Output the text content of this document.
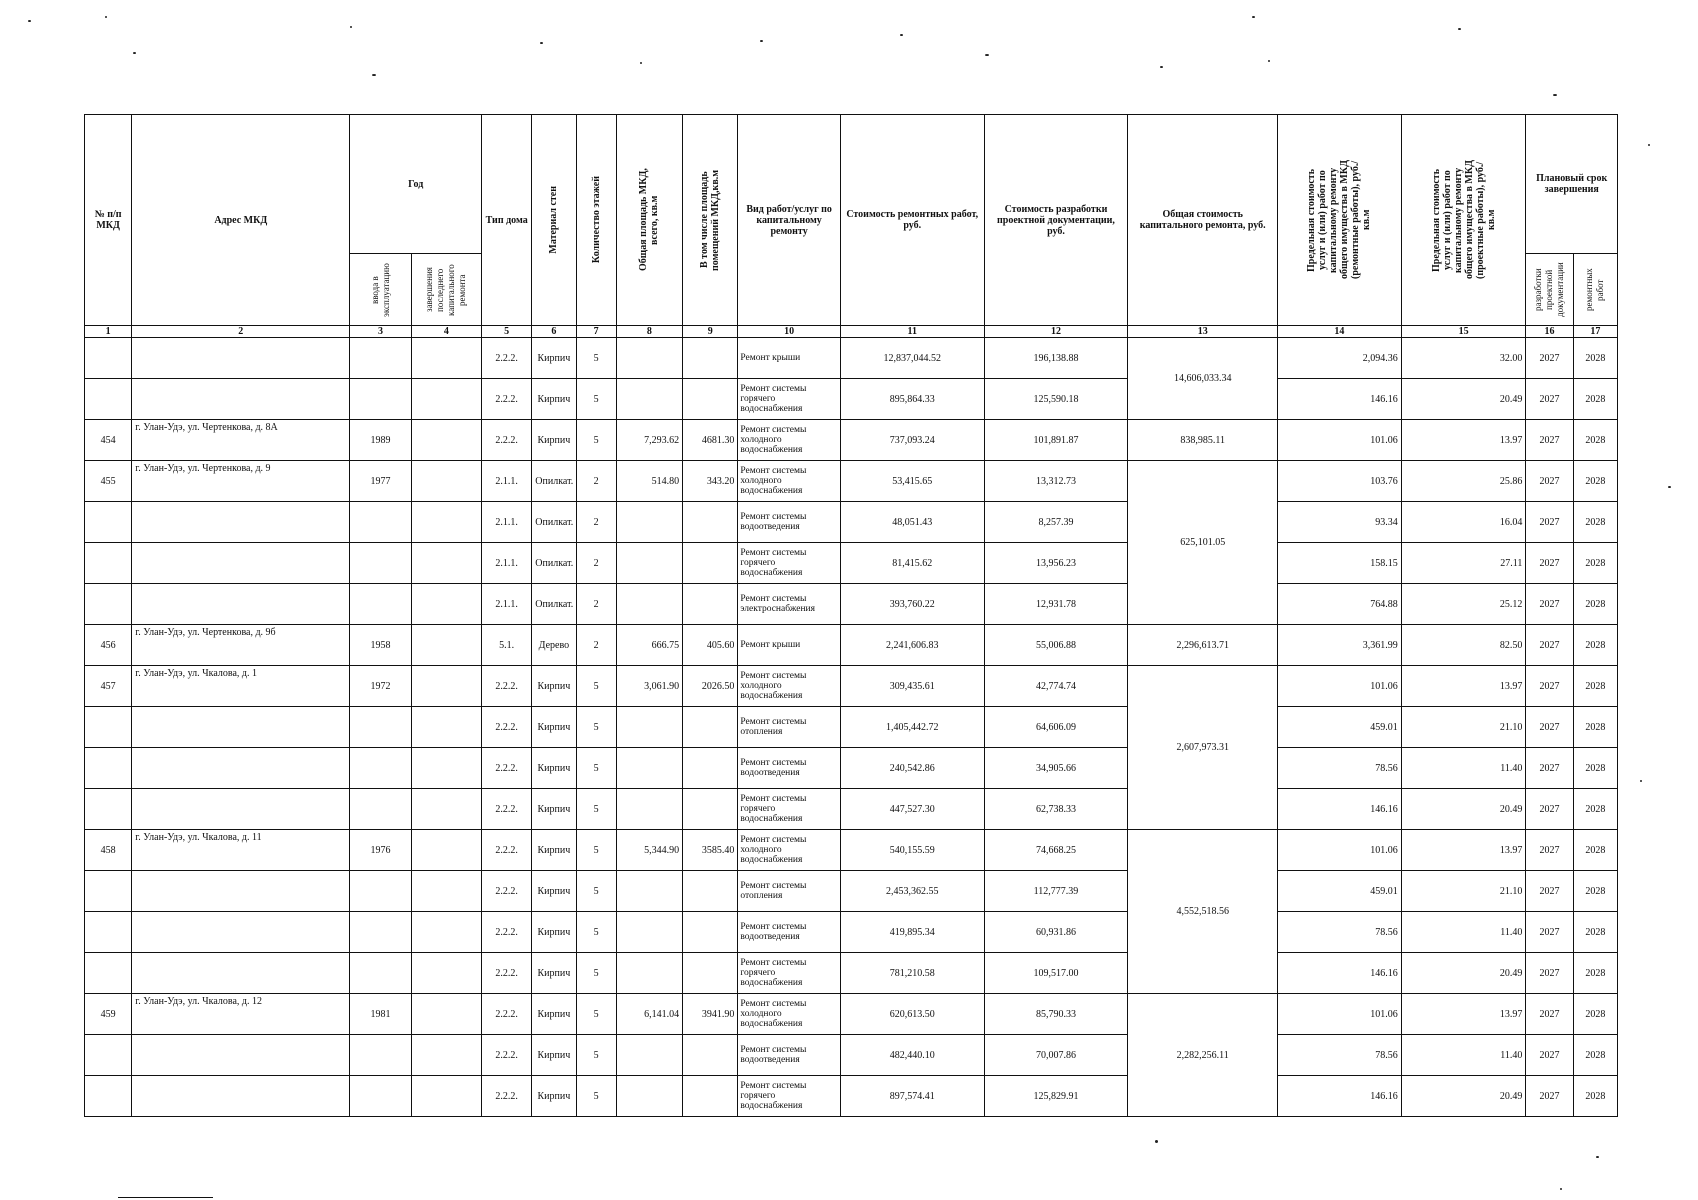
№ п/п МКД	Адрес МКД	Год		Тип дома	Материал стен	Количество этажей	Общая площадь МКД, всего, кв.м	В том числе площадь помещений МКД,кв.м	Вид работ/услуг по капитальному ремонту	Стоимость ремонтных работ, руб.	Стоимость разработки проектной документации, руб.	Общая стоимость капитального ремонта, руб.	Предельная стоимость услуг и (или) работ по капитальному ремонту общего имущества в МКД (ремонтные работы), руб./кв.м	Предельная стоимость услуг и (или) работ по капитальному ремонту общего имущества в МКД (проектные работы), руб./кв.м	Плановый срок завершения	

		ввода в эксплуатацию	завершения последнего капитального ремонта												разработки проектной документации	ремонтных работ

1	2	3	4	5	6	7	8	9	10	11	12	13	14	15	16	17
				2.2.2.	Кирпич	5			Ремонт крыши	12,837,044.52	196,138.88	14,606,033.34	2,094.36	32.00	2027	2028
				2.2.2.	Кирпич	5			Ремонт системы горячего водоснабжения	895,864.33	125,590.18		146.16	20.49	2027	2028
454	г. Улан-Удэ, ул. Чертенкова, д. 8А	1989		2.2.2.	Кирпич	5	7,293.62	4681.30	Ремонт системы холодного водоснабжения	737,093.24	101,891.87	838,985.11	101.06	13.97	2027	2028
455	г. Улан-Удэ, ул. Чертенкова, д. 9	1977		2.1.1.	Опилкат.	2	514.80	343.20	Ремонт системы холодного водоснабжения	53,415.65	13,312.73	625,101.05	103.76	25.86	2027	2028
				2.1.1.	Опилкат.	2			Ремонт системы водоотведения	48,051.43	8,257.39		93.34	16.04	2027	2028
				2.1.1.	Опилкат.	2			Ремонт системы горячего водоснабжения	81,415.62	13,956.23		158.15	27.11	2027	2028
				2.1.1.	Опилкат.	2			Ремонт системы электроснабжения	393,760.22	12,931.78		764.88	25.12	2027	2028
456	г. Улан-Удэ, ул. Чертенкова, д. 9б	1958		5.1.	Дерево	2	666.75	405.60	Ремонт крыши	2,241,606.83	55,006.88	2,296,613.71	3,361.99	82.50	2027	2028
457	г. Улан-Удэ, ул. Чкалова, д. 1	1972		2.2.2.	Кирпич	5	3,061.90	2026.50	Ремонт системы холодного водоснабжения	309,435.61	42,774.74	2,607,973.31	101.06	13.97	2027	2028
				2.2.2.	Кирпич	5			Ремонт системы отопления	1,405,442.72	64,606.09		459.01	21.10	2027	2028
				2.2.2.	Кирпич	5			Ремонт системы водоотведения	240,542.86	34,905.66		78.56	11.40	2027	2028
				2.2.2.	Кирпич	5			Ремонт системы горячего водоснабжения	447,527.30	62,738.33		146.16	20.49	2027	2028
458	г. Улан-Удэ, ул. Чкалова, д. 11	1976		2.2.2.	Кирпич	5	5,344.90	3585.40	Ремонт системы холодного водоснабжения	540,155.59	74,668.25	4,552,518.56	101.06	13.97	2027	2028
				2.2.2.	Кирпич	5			Ремонт системы отопления	2,453,362.55	112,777.39		459.01	21.10	2027	2028
				2.2.2.	Кирпич	5			Ремонт системы водоотведения	419,895.34	60,931.86		78.56	11.40	2027	2028
				2.2.2.	Кирпич	5			Ремонт системы горячего водоснабжения	781,210.58	109,517.00		146.16	20.49	2027	2028
459	г. Улан-Удэ, ул. Чкалова, д. 12	1981		2.2.2.	Кирпич	5	6,141.04	3941.90	Ремонт системы холодного водоснабжения	620,613.50	85,790.33	2,282,256.11	101.06	13.97	2027	2028
				2.2.2.	Кирпич	5			Ремонт системы водоотведения	482,440.10	70,007.86		78.56	11.40	2027	2028
				2.2.2.	Кирпич	5			Ремонт системы горячего водоснабжения	897,574.41	125,829.91		146.16	20.49	2027	2028
